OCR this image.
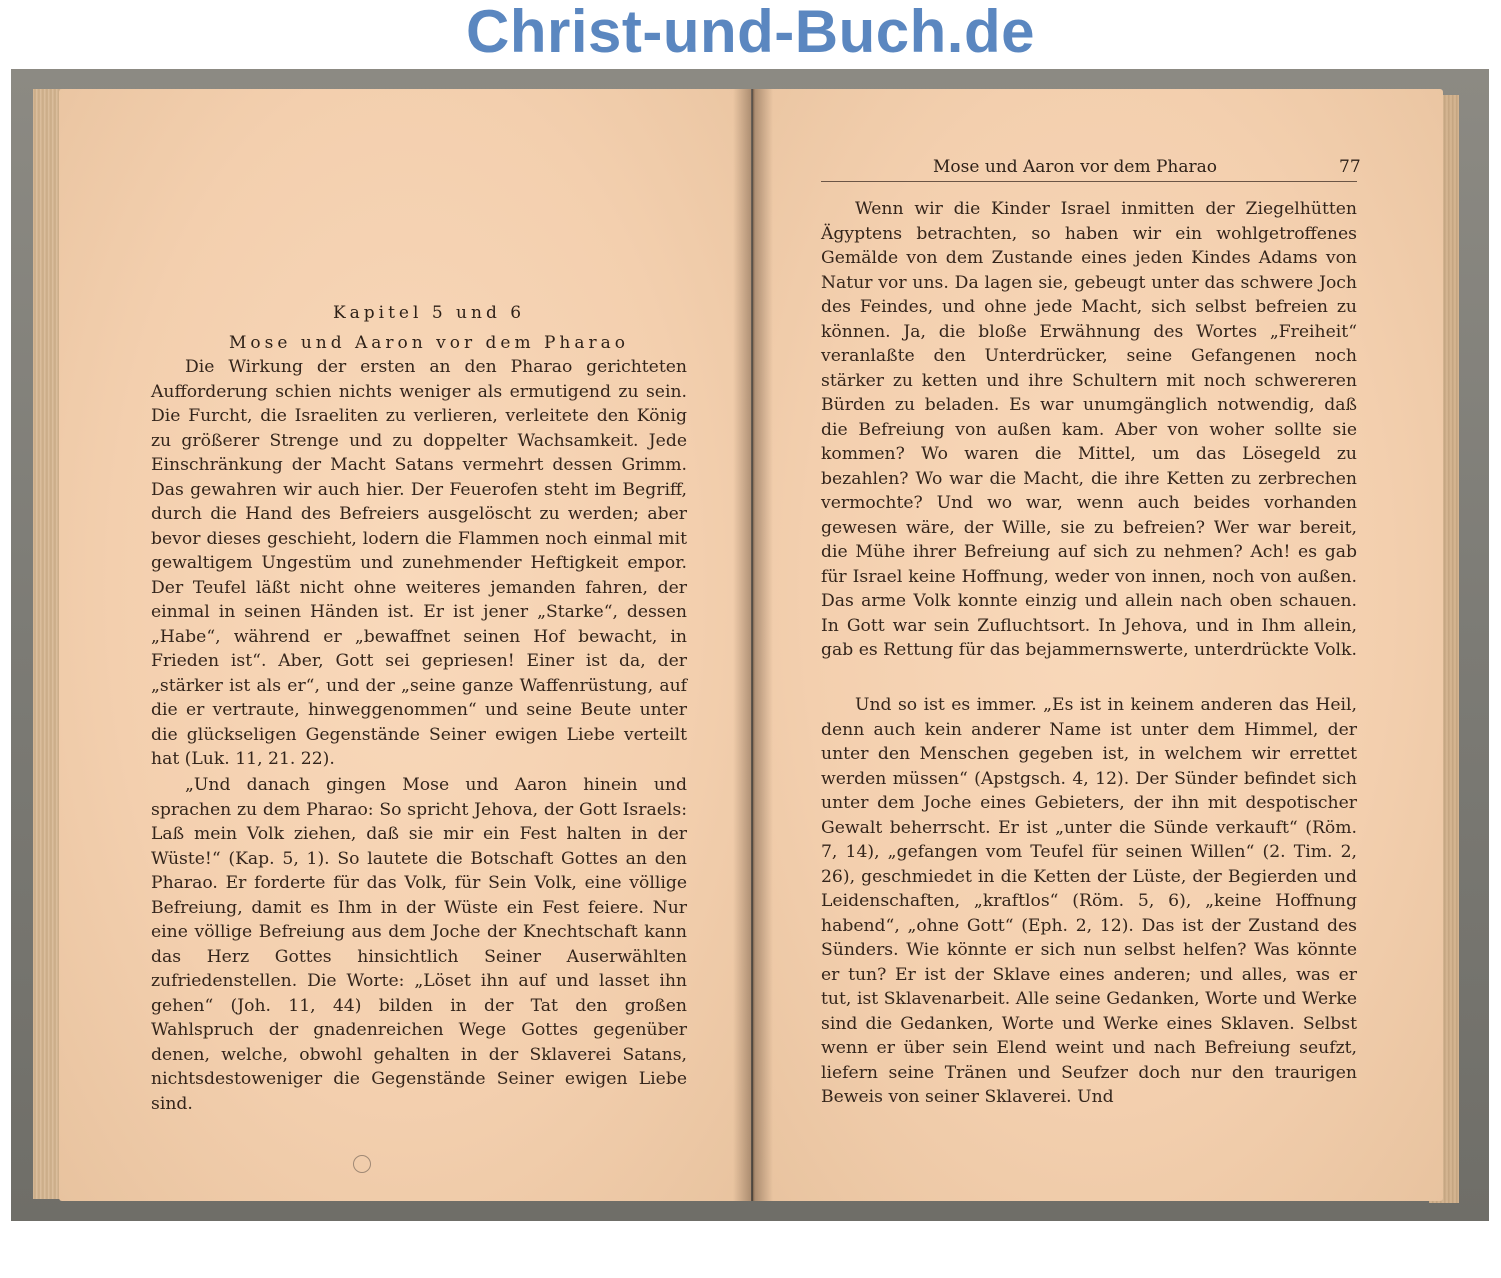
Christ-und-Buch.de
Kapitel 5 und 6
Mose und Aaron vor dem Pharao

Die Wirkung der ersten an den Pharao gerichteten Aufforderung schien nichts weniger als ermutigend zu sein. Die Furcht, die Israeliten zu verlieren, verleitete den König zu größerer Strenge und zu doppelter Wachsamkeit. Jede Einschränkung der Macht Satans vermehrt dessen Grimm. Das gewahren wir auch hier. Der Feuerofen steht im Begriff, durch die Hand des Befreiers ausgelöscht zu werden; aber bevor dieses geschieht, lodern die Flammen noch einmal mit gewaltigem Ungestüm und zunehmender Heftigkeit empor. Der Teufel läßt nicht ohne weiteres jemanden fahren, der einmal in seinen Händen ist. Er ist jener „Starke“, dessen „Habe“, während er „bewaffnet seinen Hof bewacht, in Frieden ist“. Aber, Gott sei gepriesen! Einer ist da, der „stärker ist als er“, und der „seine ganze Waffenrüstung, auf die er vertraute, hinweggenommen“ und seine Beute unter die glückseligen Gegenstände Seiner ewigen Liebe verteilt hat (Luk. 11, 21. 22).

„Und danach gingen Mose und Aaron hinein und sprachen zu dem Pharao: So spricht Jehova, der Gott Israels: Laß mein Volk ziehen, daß sie mir ein Fest halten in der Wüste!“ (Kap. 5, 1). So lautete die Botschaft Gottes an den Pharao. Er forderte für das Volk, für Sein Volk, eine völlige Befreiung, damit es Ihm in der Wüste ein Fest feiere. Nur eine völlige Befreiung aus dem Joche der Knechtschaft kann das Herz Gottes hinsichtlich Seiner Auserwählten zufriedenstellen. Die Worte: „Löset ihn auf und lasset ihn gehen“ (Joh. 11, 44) bilden in der Tat den großen Wahlspruch der gnadenreichen Wege Gottes gegenüber denen, welche, obwohl gehalten in der Sklaverei Satans, nichtsdestoweniger die Gegenstände Seiner ewigen Liebe sind.

Mose und Aaron vor dem Pharao	77

Wenn wir die Kinder Israel inmitten der Ziegelhütten Ägyptens betrachten, so haben wir ein wohlgetroffenes Gemälde von dem Zustande eines jeden Kindes Adams von Natur vor uns. Da lagen sie, gebeugt unter das schwere Joch des Feindes, und ohne jede Macht, sich selbst befreien zu können. Ja, die bloße Erwähnung des Wortes „Freiheit“ veranlaßte den Unterdrücker, seine Gefangenen noch stärker zu ketten und ihre Schultern mit noch schwereren Bürden zu beladen. Es war unumgänglich notwendig, daß die Befreiung von außen kam. Aber von woher sollte sie kommen? Wo waren die Mittel, um das Lösegeld zu bezahlen? Wo war die Macht, die ihre Ketten zu zerbrechen vermochte? Und wo war, wenn auch beides vorhanden gewesen wäre, der Wille, sie zu befreien? Wer war bereit, die Mühe ihrer Befreiung auf sich zu nehmen? Ach! es gab für Israel keine Hoffnung, weder von innen, noch von außen. Das arme Volk konnte einzig und allein nach oben schauen. In Gott war sein Zufluchtsort. In Jehova, und in Ihm allein, gab es Rettung für das bejammernswerte, unterdrückte Volk.

Und so ist es immer. „Es ist in keinem anderen das Heil, denn auch kein anderer Name ist unter dem Himmel, der unter den Menschen gegeben ist, in welchem wir errettet werden müssen“ (Apstgsch. 4, 12). Der Sünder befindet sich unter dem Joche eines Gebieters, der ihn mit despotischer Gewalt beherrscht. Er ist „unter die Sünde verkauft“ (Röm. 7, 14), „gefangen vom Teufel für seinen Willen“ (2. Tim. 2, 26), geschmiedet in die Ketten der Lüste, der Begierden und Leidenschaften, „kraftlos“ (Röm. 5, 6), „keine Hoffnung habend“, „ohne Gott“ (Eph. 2, 12). Das ist der Zustand des Sünders. Wie könnte er sich nun selbst helfen? Was könnte er tun? Er ist der Sklave eines anderen; und alles, was er tut, ist Sklavenarbeit. Alle seine Gedanken, Worte und Werke sind die Gedanken, Worte und Werke eines Sklaven. Selbst wenn er über sein Elend weint und nach Befreiung seufzt, liefern seine Tränen und Seufzer doch nur den traurigen Beweis von seiner Sklaverei. Und
